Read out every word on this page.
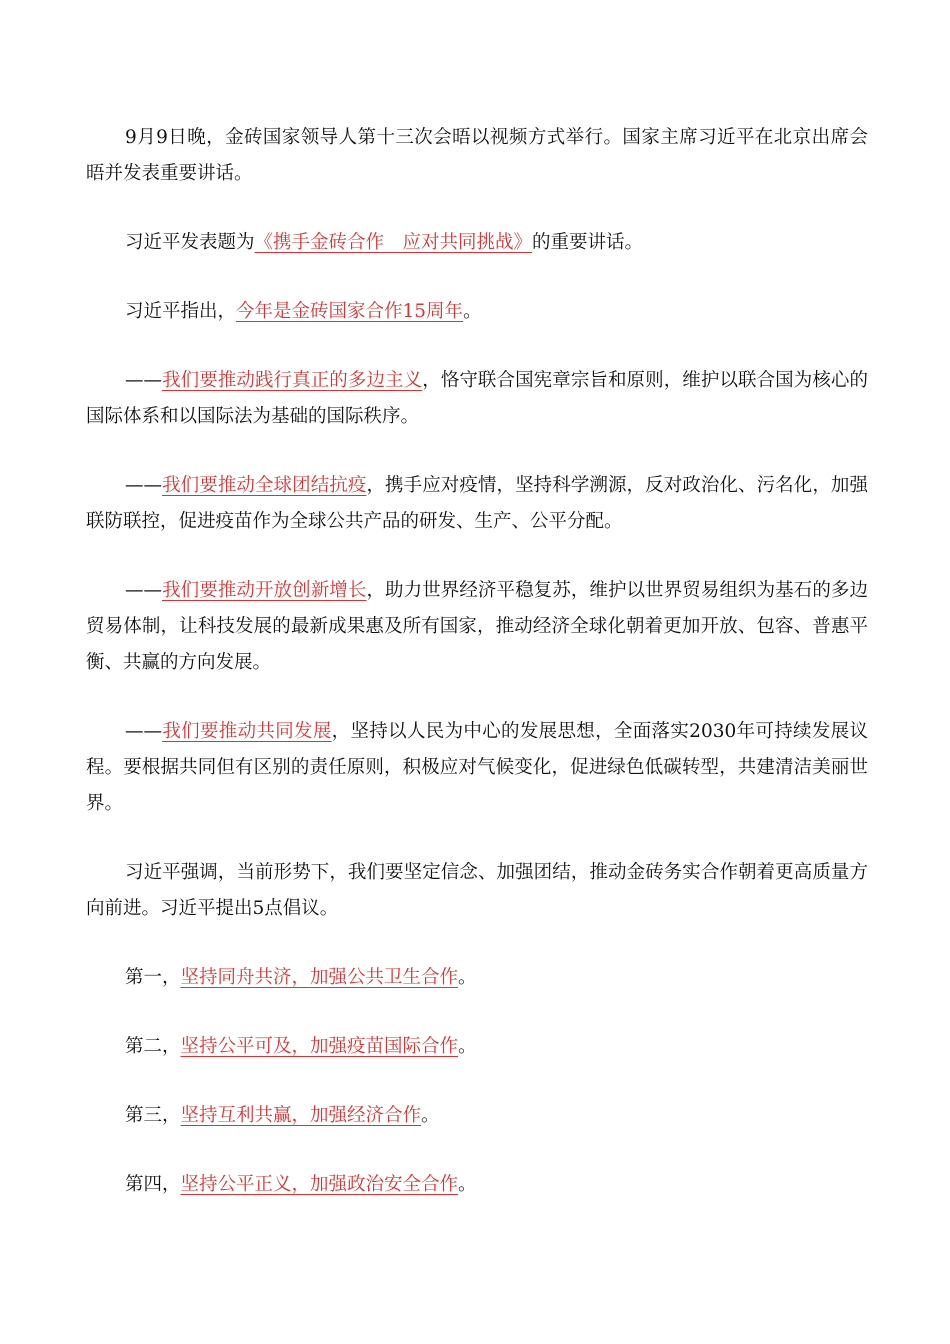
9月9日晚，金砖国家领导人第十三次会晤以视频方式举行。国家主席习近平在北京出席会晤并发表重要讲话。

习近平发表题为《携手金砖合作　应对共同挑战》的重要讲话。

习近平指出，今年是金砖国家合作15周年。

——我们要推动践行真正的多边主义，恪守联合国宪章宗旨和原则，维护以联合国为核心的国际体系和以国际法为基础的国际秩序。

——我们要推动全球团结抗疫，携手应对疫情，坚持科学溯源，反对政治化、污名化，加强联防联控，促进疫苗作为全球公共产品的研发、生产、公平分配。

——我们要推动开放创新增长，助力世界经济平稳复苏，维护以世界贸易组织为基石的多边贸易体制，让科技发展的最新成果惠及所有国家，推动经济全球化朝着更加开放、包容、普惠平衡、共赢的方向发展。

——我们要推动共同发展，坚持以人民为中心的发展思想，全面落实2030年可持续发展议程。要根据共同但有区别的责任原则，积极应对气候变化，促进绿色低碳转型，共建清洁美丽世界。

习近平强调，当前形势下，我们要坚定信念、加强团结，推动金砖务实合作朝着更高质量方向前进。习近平提出5点倡议。

第一，坚持同舟共济，加强公共卫生合作。

第二，坚持公平可及，加强疫苗国际合作。

第三，坚持互利共赢，加强经济合作。

第四，坚持公平正义，加强政治安全合作。
